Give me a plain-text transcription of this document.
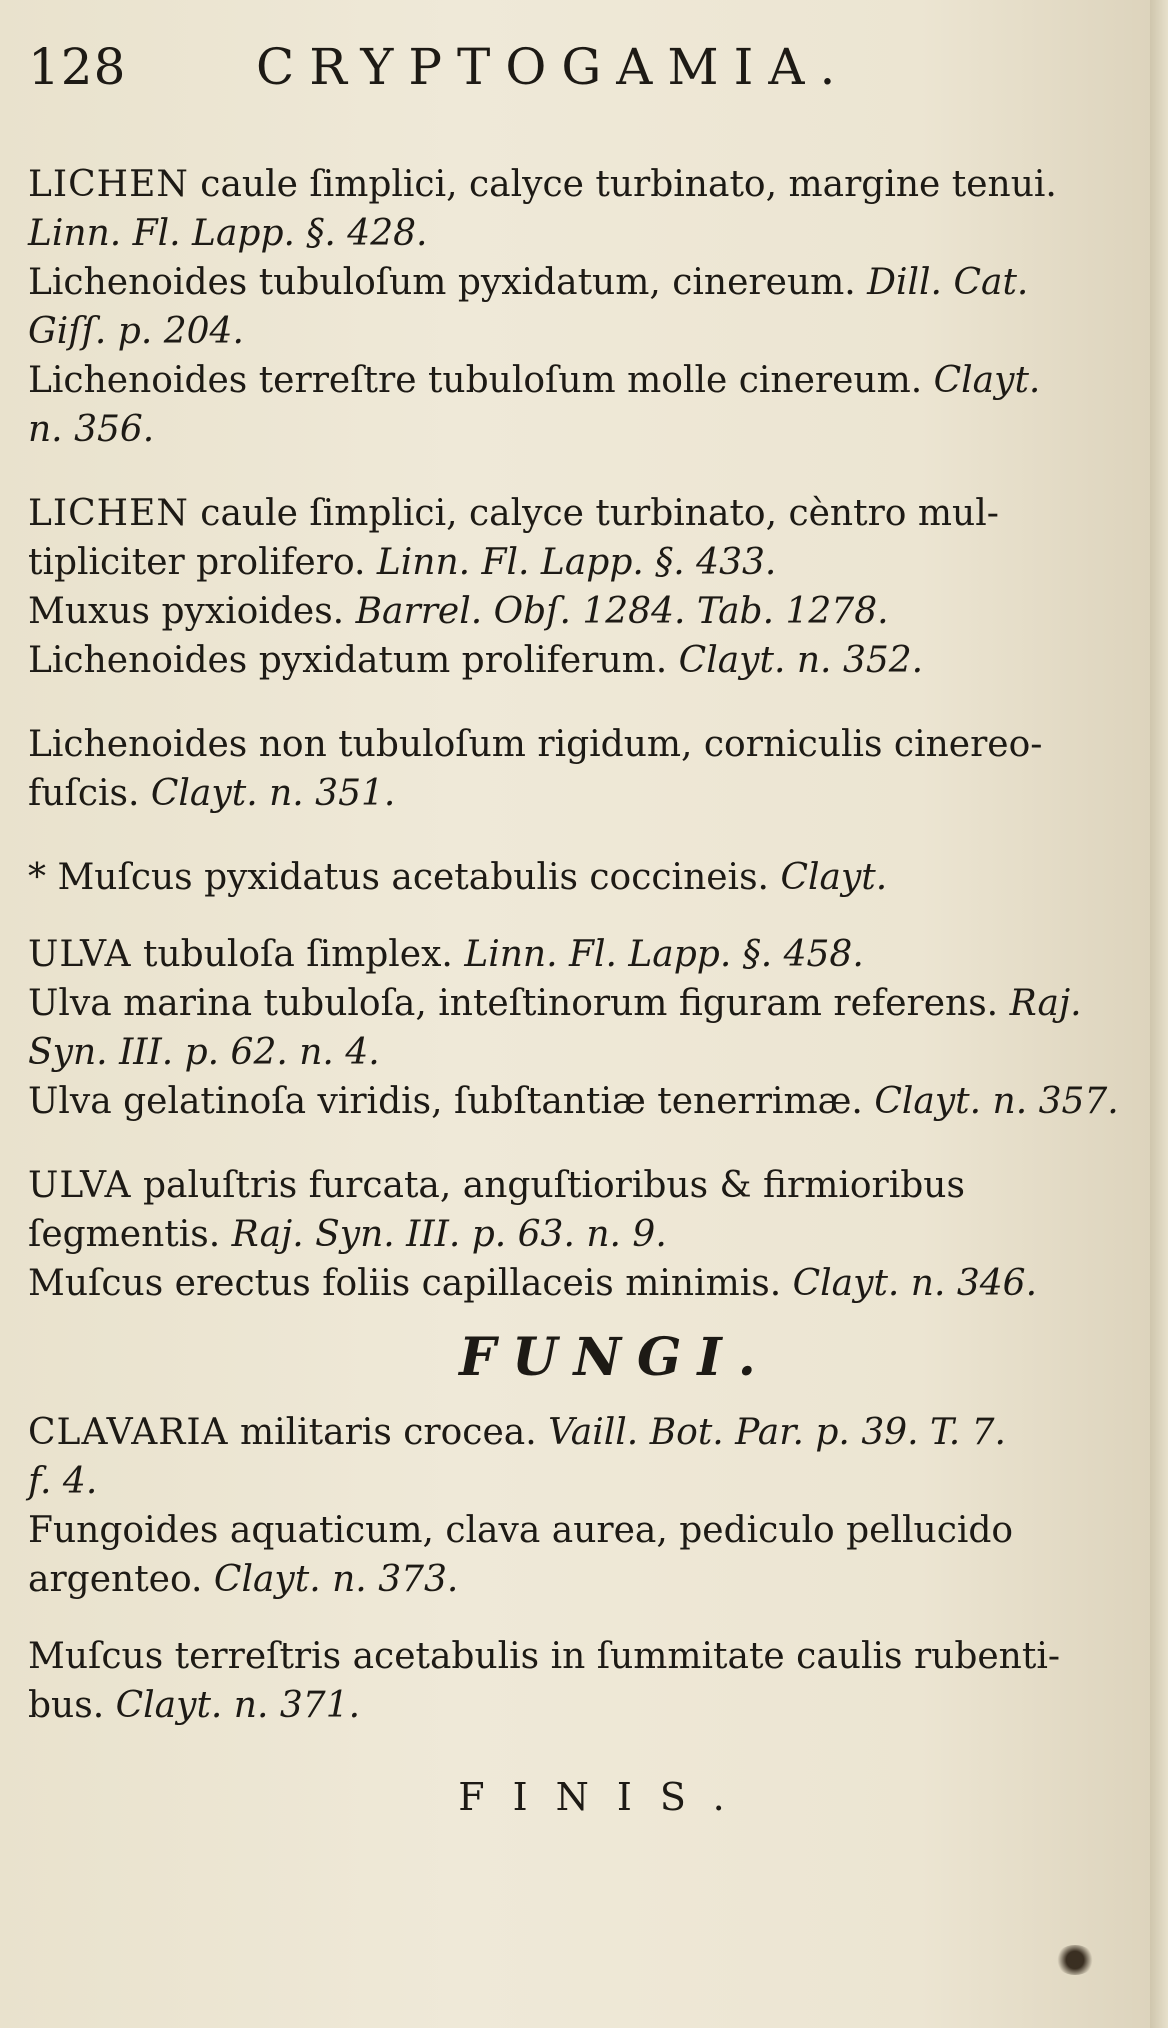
128	CRYPTOGAMIA.
LICHEN caule ſimplici, calyce turbinato, margine tenui.
Linn. Fl. Lapp. §. 428.
Lichenoides tubuloſum pyxidatum, cinereum. Dill. Cat.
Giſſ. p. 204.
Lichenoides terreſtre tubuloſum molle cinereum. Clayt.
n. 356.
LICHEN caule ſimplici, calyce turbinato, cèntro mul-
tipliciter prolifero. Linn. Fl. Lapp. §. 433.
Muxus pyxioides. Barrel. Obſ. 1284. Tab. 1278.
Lichenoides pyxidatum proliferum. Clayt. n. 352.
Lichenoides non tubuloſum rigidum, corniculis cinereo-
fuſcis. Clayt. n. 351.
* Muſcus pyxidatus acetabulis coccineis. Clayt.
ULVA tubuloſa ſimplex. Linn. Fl. Lapp. §. 458.
Ulva marina tubuloſa, inteſtinorum figuram referens. Raj.
Syn. III. p. 62. n. 4.
Ulva gelatinoſa viridis, ſubſtantiæ tenerrimæ. Clayt. n. 357.
ULVA paluſtris furcata, anguſtioribus & firmioribus
ſegmentis. Raj. Syn. III. p. 63. n. 9.
Muſcus erectus foliis capillaceis minimis. Clayt. n. 346.
FUNGI.
CLAVARIA militaris crocea. Vaill. Bot. Par. p. 39. T. 7.
f. 4.
Fungoides aquaticum, clava aurea, pediculo pellucido
argenteo. Clayt. n. 373.
Muſcus terreſtris acetabulis in ſummitate caulis rubenti-
bus. Clayt. n. 371.
FINIS.
